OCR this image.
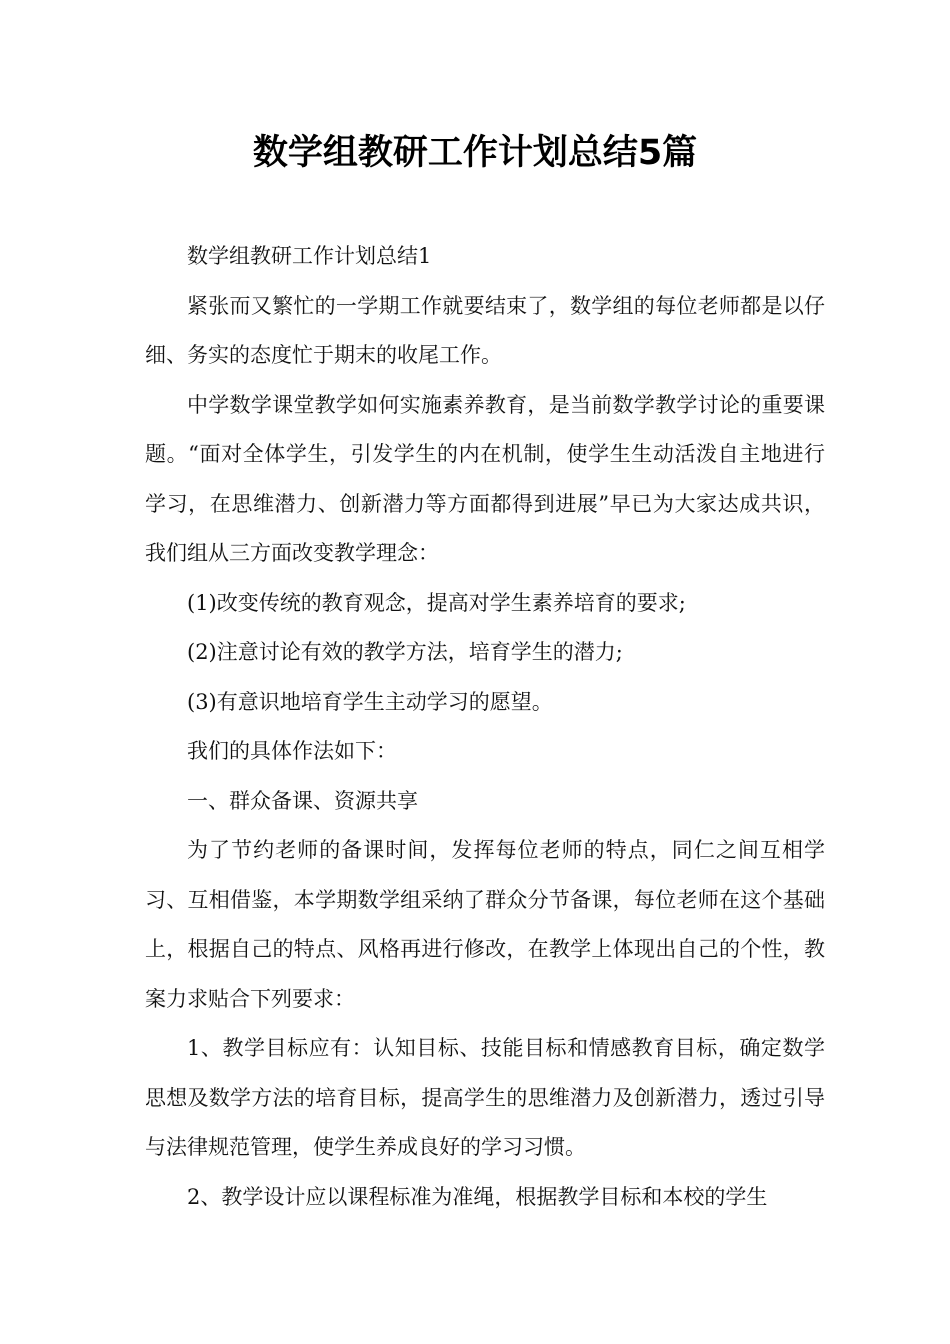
数学组教研工作计划总结5篇

数学组教研工作计划总结1

紧张而又繁忙的一学期工作就要结束了，数学组的每位老师都是以仔细、务实的态度忙于期末的收尾工作。

中学数学课堂教学如何实施素养教育，是当前数学教学讨论的重要课题。“面对全体学生，引发学生的内在机制，使学生生动活泼自主地进行学习，在思维潜力、创新潜力等方面都得到进展”早已为大家达成共识，我们组从三方面改变教学理念：

(1)改变传统的教育观念，提高对学生素养培育的要求;

(2)注意讨论有效的教学方法，培育学生的潜力;

(3)有意识地培育学生主动学习的愿望。

我们的具体作法如下：

一、群众备课、资源共享

为了节约老师的备课时间，发挥每位老师的特点，同仁之间互相学习、互相借鉴，本学期数学组采纳了群众分节备课，每位老师在这个基础上，根据自己的特点、风格再进行修改，在教学上体现出自己的个性，教案力求贴合下列要求：

1、教学目标应有：认知目标、技能目标和情感教育目标，确定数学思想及数学方法的培育目标，提高学生的思维潜力及创新潜力，透过引导与法律规范管理，使学生养成良好的学习习惯。

2、教学设计应以课程标准为准绳，根据教学目标和本校的学生
